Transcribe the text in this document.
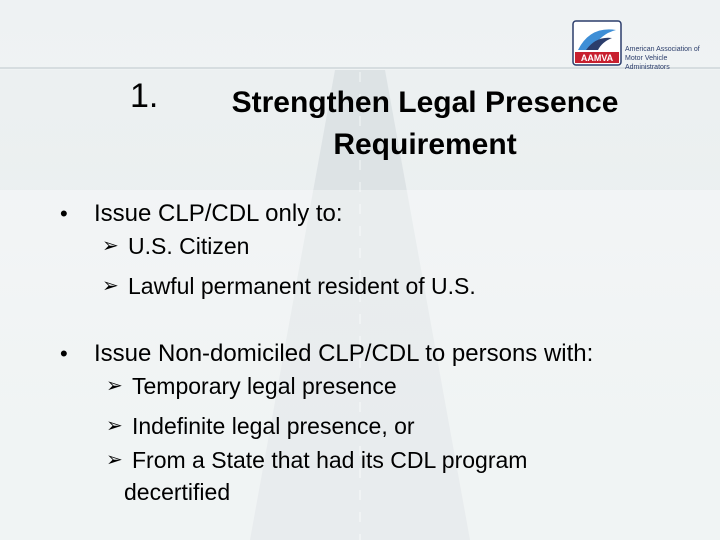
AAMVA
American Association of
Motor Vehicle Administrators
1.	Strengthen Legal Presence
Requirement
• Issue CLP/CDL only to:
➢ U.S. Citizen
➢ Lawful permanent resident of U.S.
• Issue Non-domiciled CLP/CDL to persons with:
➢ Temporary legal presence
➢ Indefinite legal presence, or
➢ From a State that had its CDL program
decertified
